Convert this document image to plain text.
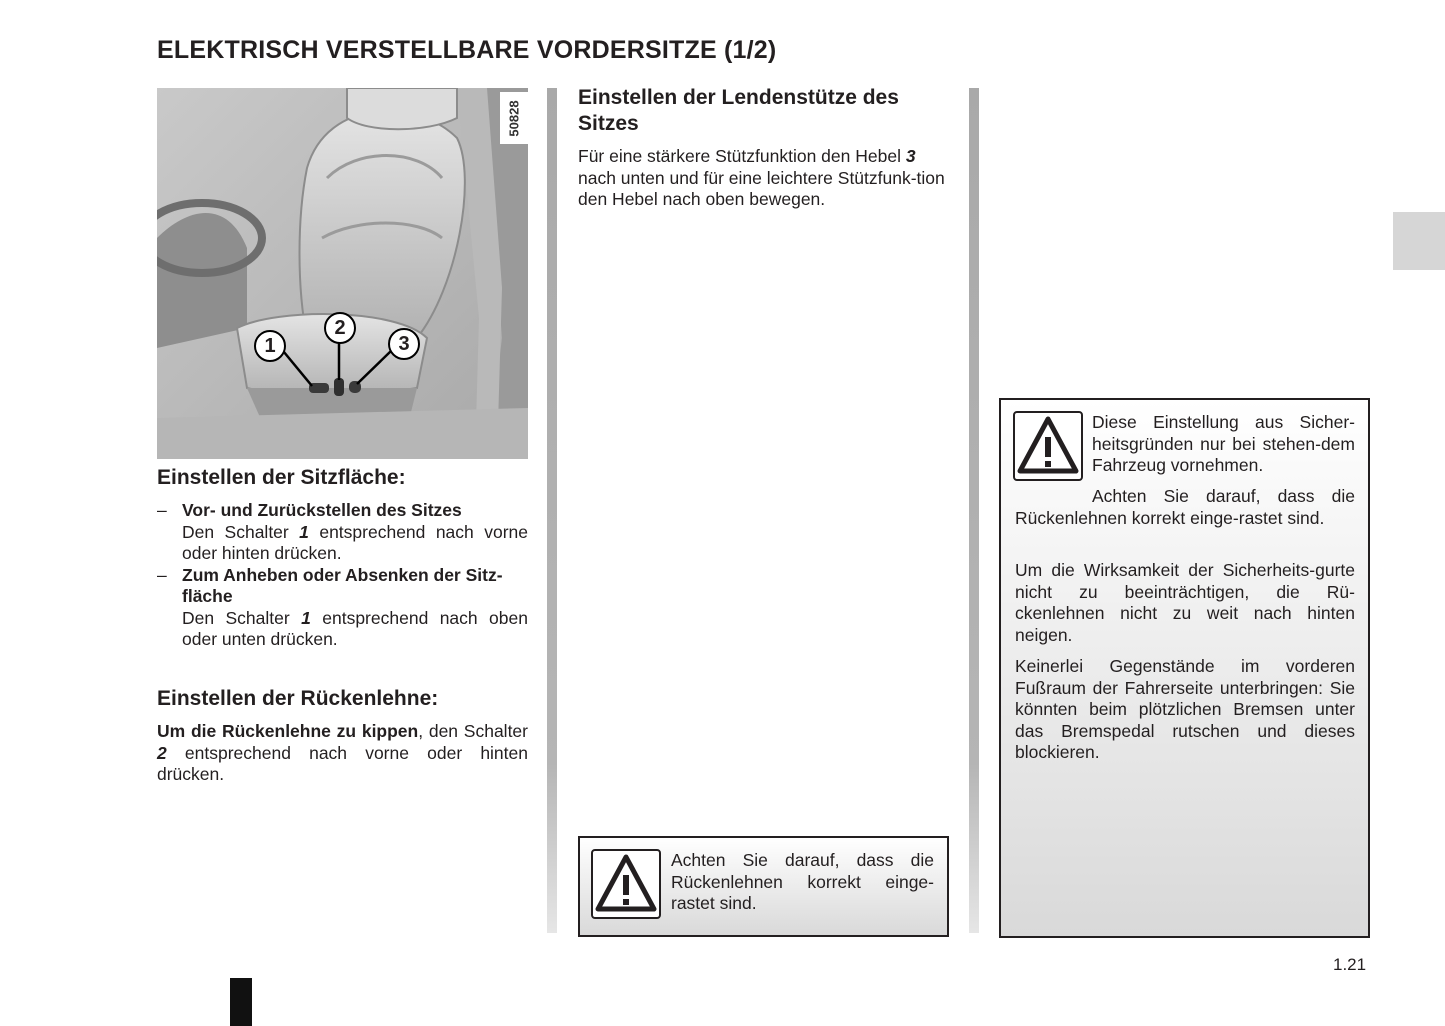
ELEKTRISCH VERSTELLBARE VORDERSITZE (1/2)
1
2
3
50828
Einstellen der Sitzfläche:
– Vor- und Zurückstellen des Sitzes

Den Schalter 1 entsprechend nach vorne oder hinten drücken.
– Zum Anheben oder Absenken der Sitz-fläche
Den Schalter 1 entsprechend nach oben oder unten drücken.
Einstellen der Rückenlehne:
Um die Rückenlehne zu kippen, den Schalter 2 entsprechend nach vorne oder hinten drücken.
Einstellen der Lendenstütze des Sitzes
Für eine stärkere Stützfunktion den Hebel 3 nach unten und für eine leichtere Stützfunk-tion den Hebel nach oben bewegen.
Achten Sie darauf, dass die Rückenlehnen korrekt einge-rastet sind.
Diese Einstellung aus Sicher-heitsgründen nur bei stehen-dem Fahrzeug vornehmen.
Achten Sie darauf, dass die Rückenlehnen korrekt einge-rastet sind.
Um die Wirksamkeit der Sicherheits-gurte nicht zu beeinträchtigen, die Rü-ckenlehnen nicht zu weit nach hinten neigen.
Keinerlei Gegenstände im vorderen Fußraum der Fahrerseite unterbringen: Sie könnten beim plötzlichen Bremsen unter das Bremspedal rutschen und dieses blockieren.
1.21
